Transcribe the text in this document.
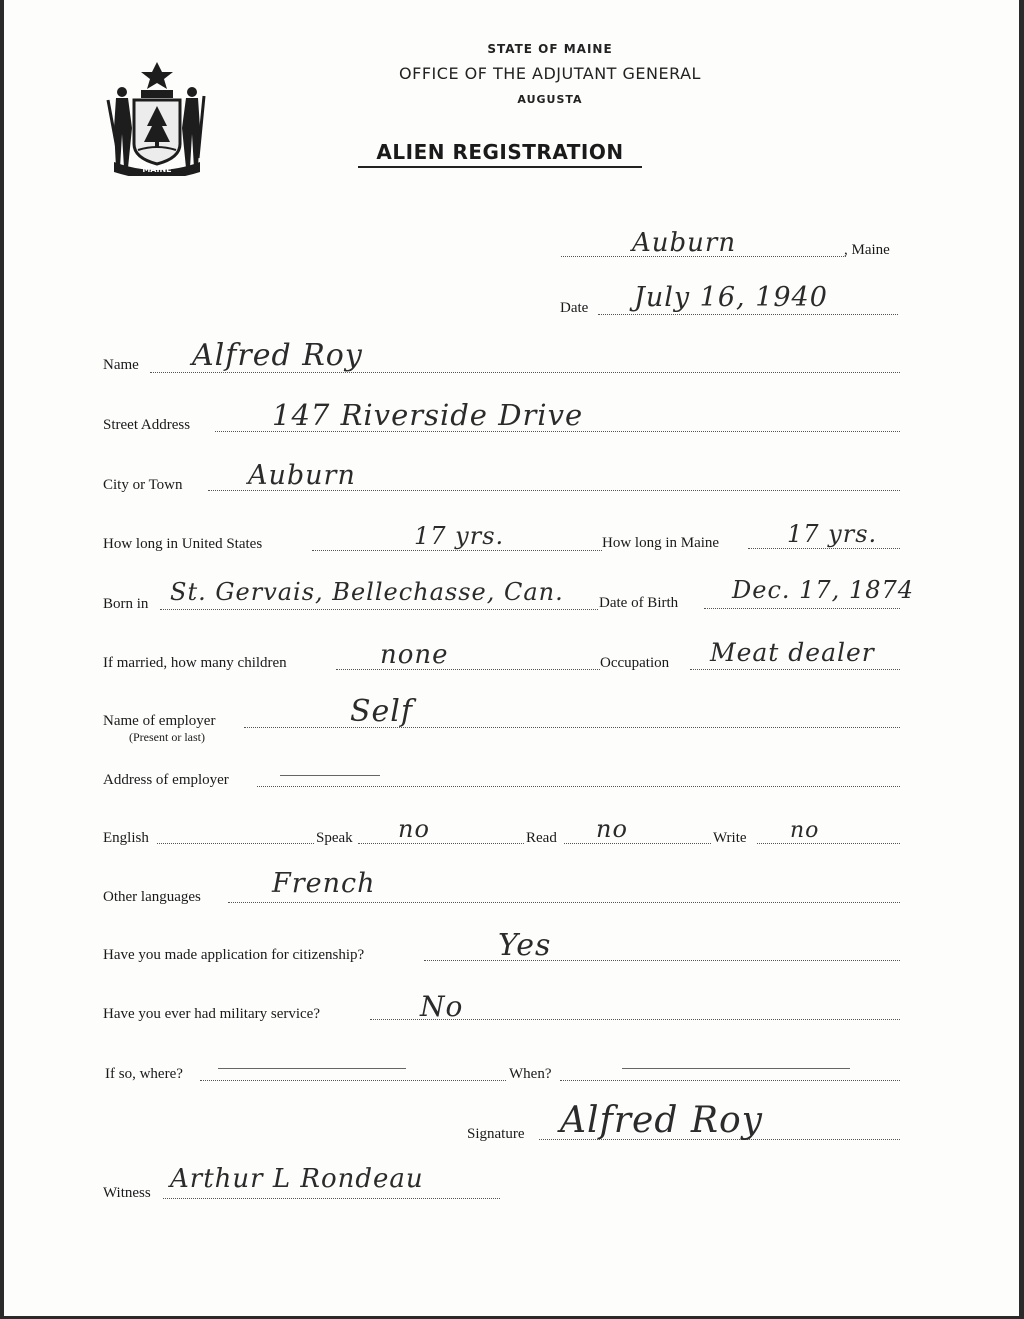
MAINE
STATE OF MAINE
OFFICE OF THE ADJUTANT GENERAL
AUGUSTA
ALIEN REGISTRATION
Auburn	, Maine
Date July 16, 1940
Name Alfred Roy
Street Address	147 Riverside Drive
City or Town Auburn
How long in United States	17 yrs.	How long in Maine	17 yrs.
Born in St. Gervais, Bellechasse, Can. Date of Birth Dec. 17, 1874
If married, how many children	none	Occupation Meat dealer
Name of employer
(Present or last)
Self
Address of employer
English	Speak no	Read no	Write no
Other languages	French
Have you made application for citizenship?	Yes
Have you ever had military service?	No
If so, where?	When?
Signature Alfred Roy
Witness Arthur L Rondeau
